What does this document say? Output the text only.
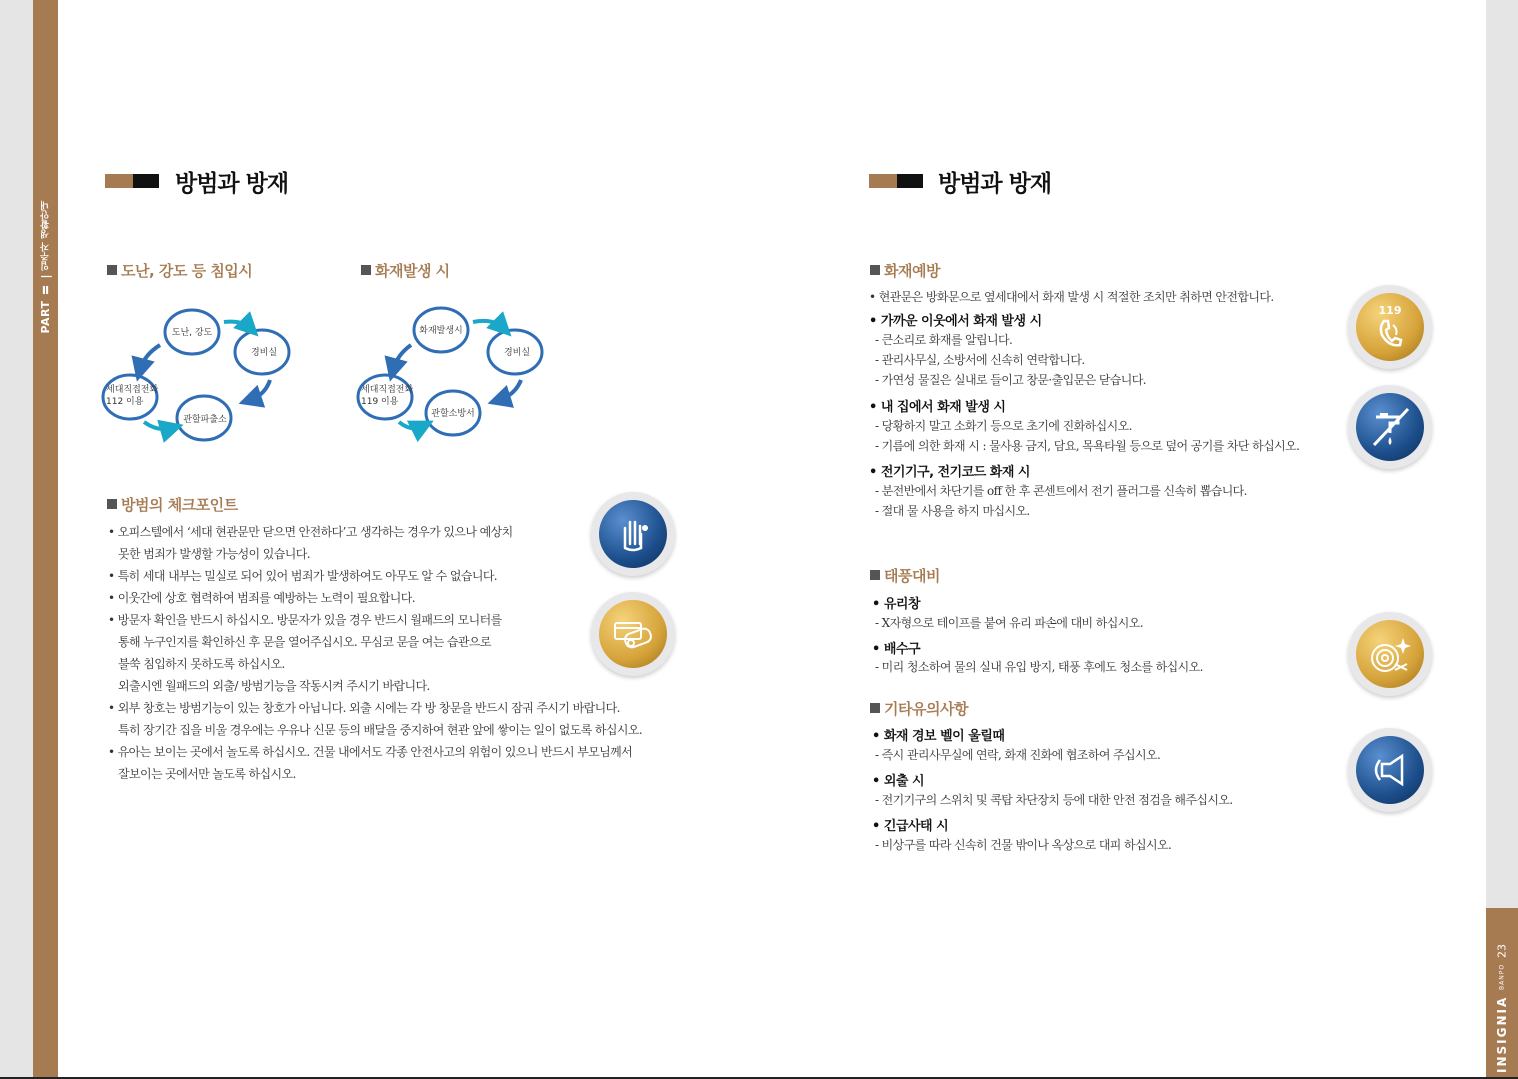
PART Ⅱ
|
입주자 생활안내
INSIGNIA
BANPO
23
방범과 방재
도난, 강도 등 침입시	화재발생 시
도난, 강도
경비실
관할파출소
세대직접전화
112 이용
화재발생시
경비실
관할소방서
세대직접전화
119 이용
방범의 체크포인트
• 오피스텔에서 ‘세대 현관문만 닫으면 안전하다’고 생각하는 경우가 있으나 예상치
못한 범죄가 발생할 가능성이 있습니다.
• 특히 세대 내부는 밀실로 되어 있어 범죄가 발생하여도 아무도 알 수 없습니다.
• 이웃간에 상호 협력하여 범죄를 예방하는 노력이 필요합니다.
• 방문자 확인을 반드시 하십시오. 방문자가 있을 경우 반드시 월패드의 모니터를
통해 누구인지를 확인하신 후 문을 열어주십시오. 무심코 문을 여는 습관으로
불쑥 침입하지 못하도록 하십시오.
외출시엔 월패드의 외출/ 방범기능을 작동시켜 주시기 바랍니다.
• 외부 창호는 방범기능이 있는 창호가 아닙니다. 외출 시에는 각 방 창문을 반드시 잠궈 주시기 바랍니다.
특히 장기간 집을 비울 경우에는 우유나 신문 등의 배달을 중지하여 현관 앞에 쌓이는 일이 없도록 하십시오.
• 유아는 보이는 곳에서 놀도록 하십시오. 건물 내에서도 각종 안전사고의 위험이 있으니 반드시 부모님께서
잘보이는 곳에서만 놀도록 하십시오.
방범과 방재
화재예방
• 현관문은 방화문으로 옆세대에서 화재 발생 시 적절한 조치만 취하면 안전합니다.
• 가까운 이웃에서 화재 발생 시
- 큰소리로 화재를 알립니다.
- 관리사무실, 소방서에 신속히 연락합니다.
- 가연성 물질은 실내로 들이고 창문·출입문은 닫습니다.
• 내 집에서 화재 발생 시
- 당황하지 말고 소화기 등으로 초기에 진화하십시오.
- 기름에 의한 화재 시 : 물사용 금지, 담요, 목욕타월 등으로 덮어 공기를 차단 하십시오.
• 전기기구, 전기코드 화재 시
- 분전반에서 차단기를 off 한 후 콘센트에서 전기 플러그를 신속히 뽑습니다.
- 절대 물 사용을 하지 마십시오.
태풍대비
• 유리창
- X자형으로 테이프를 붙여 유리 파손에 대비 하십시오.
• 배수구
- 미리 청소하여 물의 실내 유입 방지, 태풍 후에도 청소를 하십시오.
기타유의사항
• 화재 경보 벨이 울릴때
- 즉시 관리사무실에 연락, 화재 진화에 협조하여 주십시오.
• 외출 시
- 전기기구의 스위치 및 콕탑 차단장치 등에 대한 안전 점검을 해주십시오.
• 긴급사태 시
- 비상구를 따라 신속히 건물 밖이나 옥상으로 대피 하십시오.
119
